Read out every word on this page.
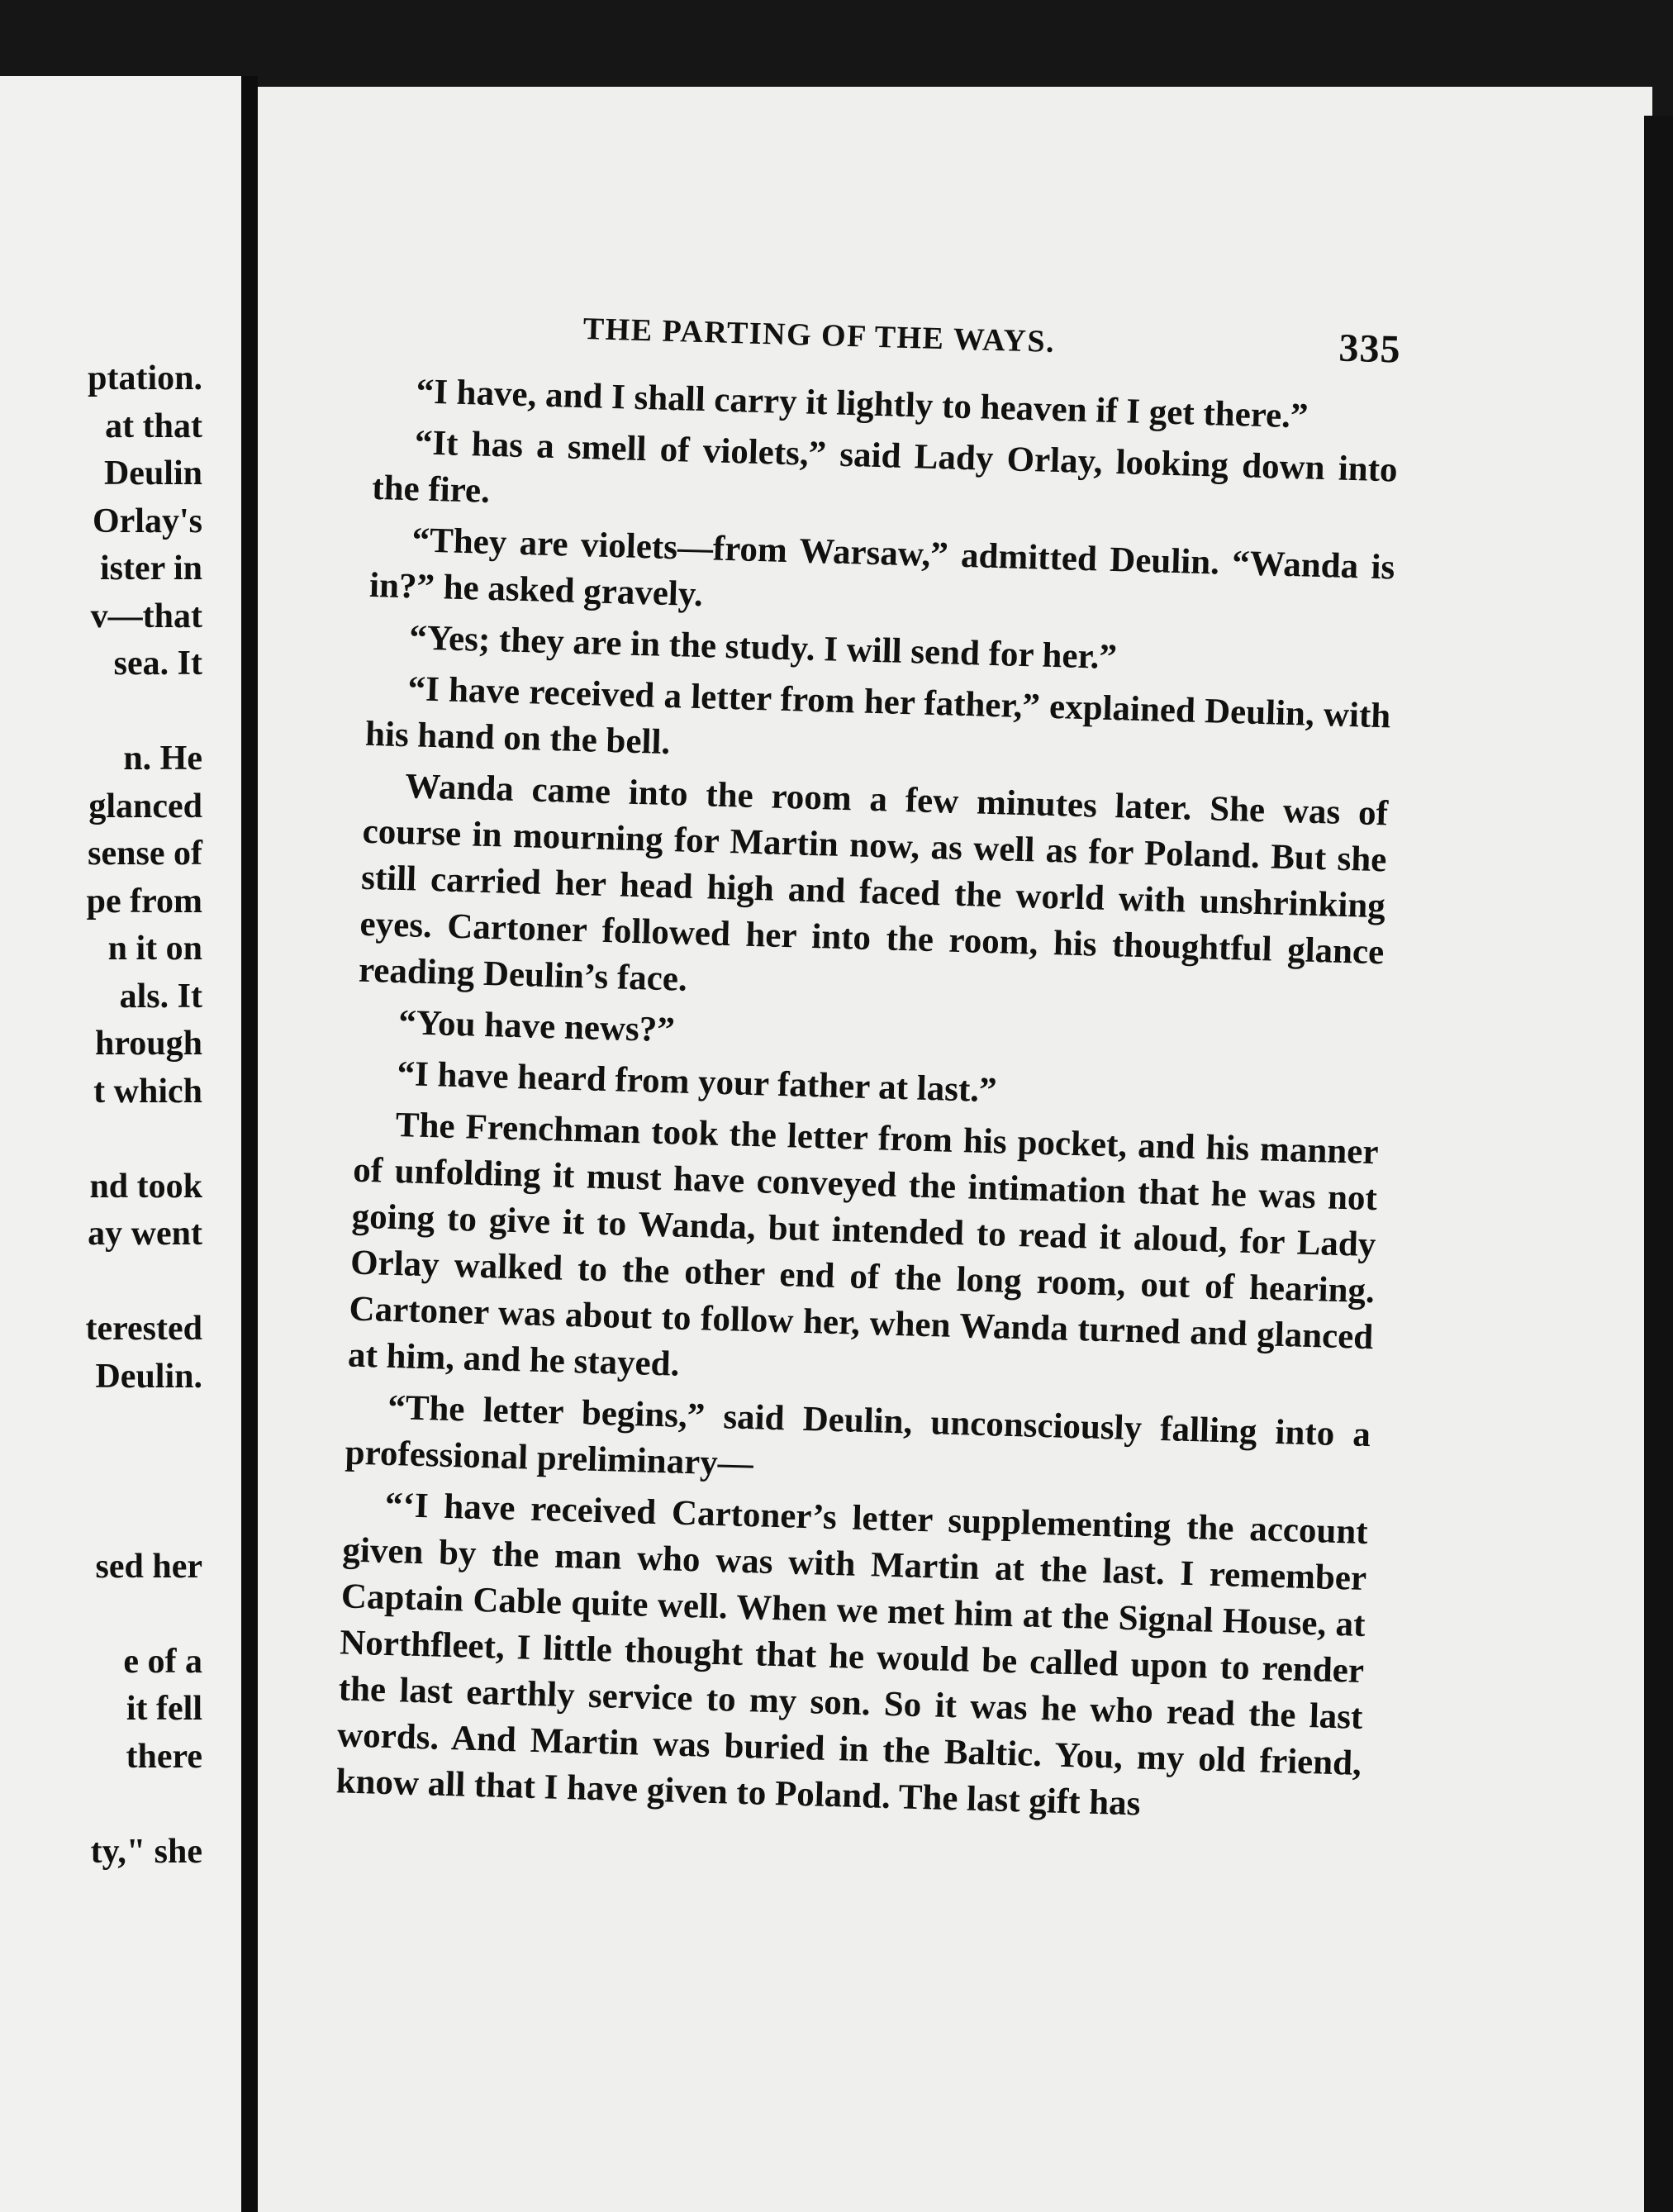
ptation.
at that
Deulin
Orlay's
ister in
v—that
sea. It
n. He
glanced
sense of
pe from
n it on
als. It
hrough
t which
nd took
ay went
terested
Deulin.
sed her
e of a
it fell
there
ty," she
THE PARTING OF THE WAYS.	335

“I have, and I shall carry it lightly to heaven if I get there.”

“It has a smell of violets,” said Lady Orlay, looking down into the fire.

“They are violets—from Warsaw,” admitted Deulin. “Wanda is in?” he asked gravely.

“Yes; they are in the study. I will send for her.”

“I have received a letter from her father,” explained Deulin, with his hand on the bell.

Wanda came into the room a few minutes later. She was of course in mourning for Martin now, as well as for Poland. But she still carried her head high and faced the world with unshrinking eyes. Cartoner followed her into the room, his thoughtful glance reading Deulin’s face.

“You have news?”

“I have heard from your father at last.”

The Frenchman took the letter from his pocket, and his manner of unfolding it must have conveyed the intimation that he was not going to give it to Wanda, but intended to read it aloud, for Lady Orlay walked to the other end of the long room, out of hearing. Cartoner was about to follow her, when Wanda turned and glanced at him, and he stayed.

“The letter begins,” said Deulin, unconsciously falling into a professional preliminary—

“‘I have received Cartoner’s letter supplementing the account given by the man who was with Martin at the last. I remember Captain Cable quite well. When we met him at the Signal House, at Northfleet, I little thought that he would be called upon to render the last earthly service to my son. So it was he who read the last words. And Martin was buried in the Baltic. You, my old friend, know all that I have given to Poland. The last gift has
